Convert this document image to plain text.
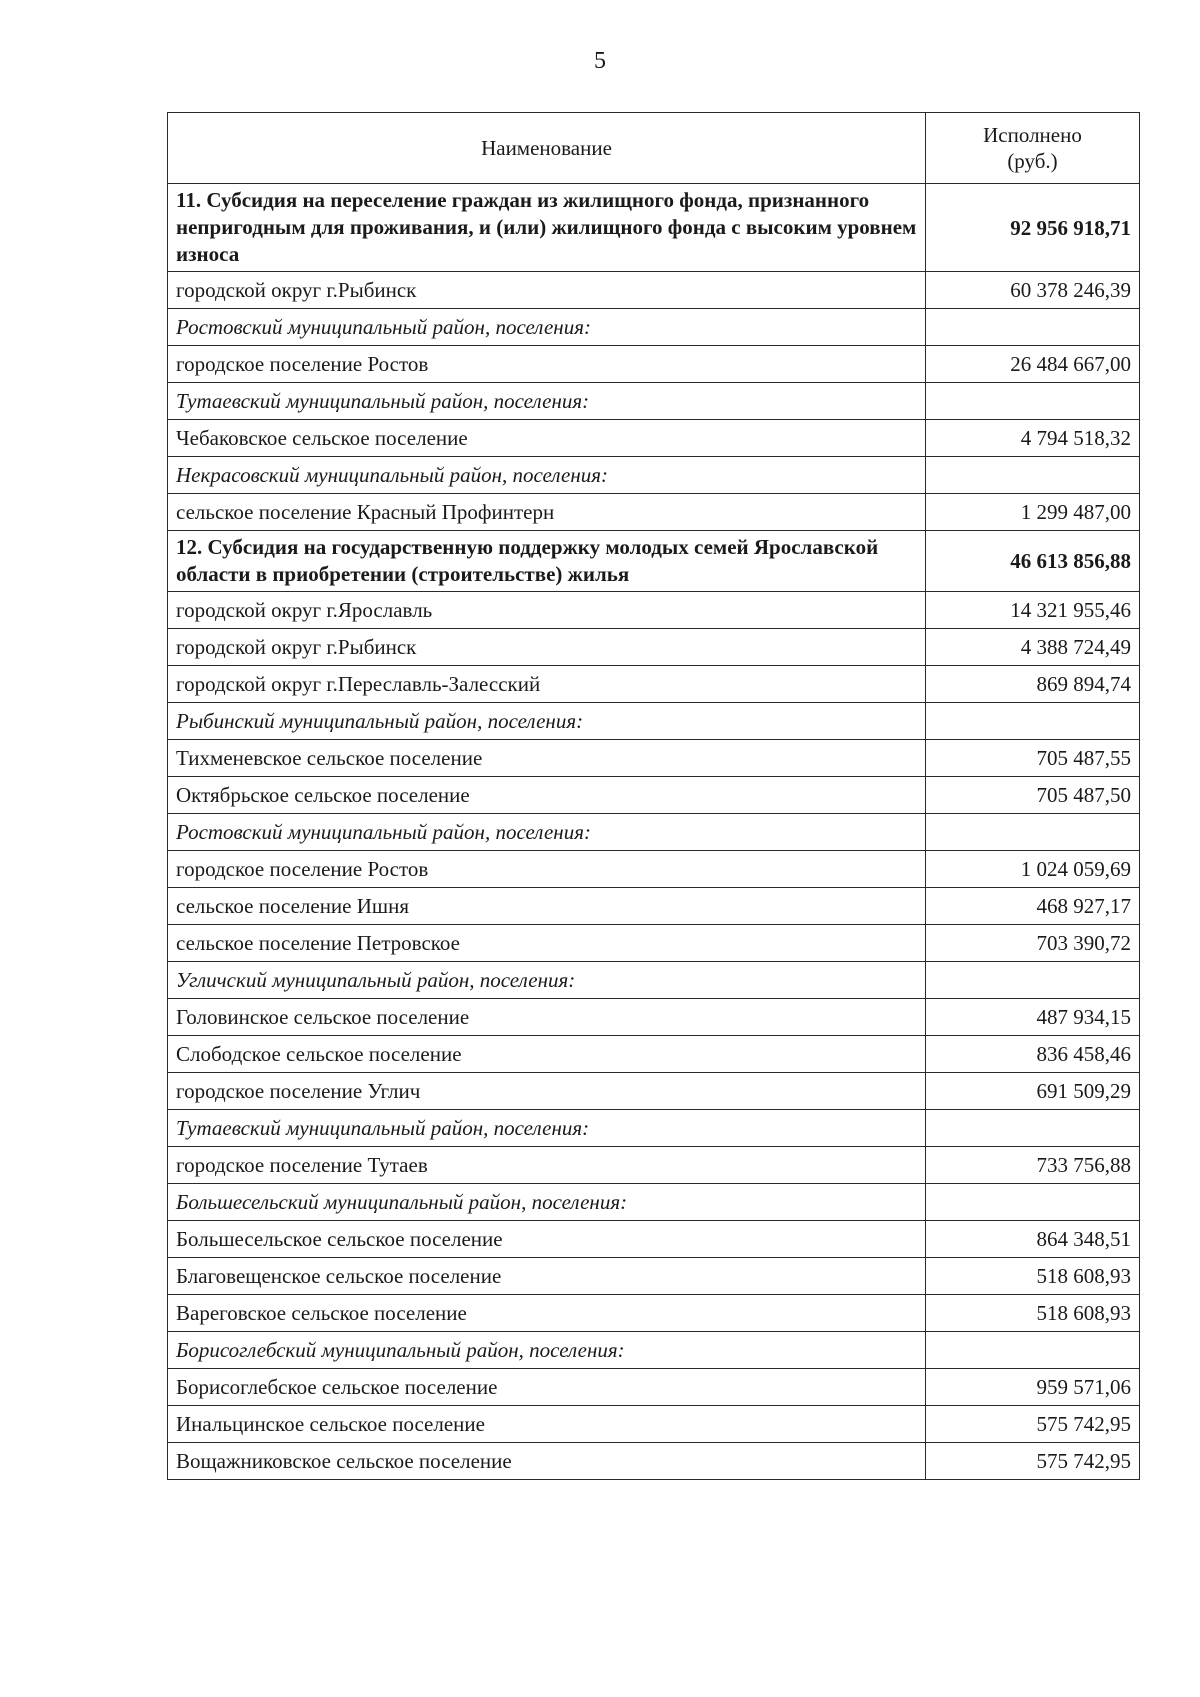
5
Наименование	Исполнено
(руб.)
11. Субсидия на переселение граждан из жилищного фонда, признанного непригодным для проживания, и (или) жилищного фонда с высоким уровнем износа	92 956 918,71
городской округ г.Рыбинск	60 378 246,39
Ростовский муниципальный район, поселения:	
городское поселение Ростов	26 484 667,00
Тутаевский муниципальный район, поселения:	
Чебаковское сельское поселение	4 794 518,32
Некрасовский муниципальный район, поселения:	
сельское поселение Красный Профинтерн	1 299 487,00
12. Субсидия на государственную поддержку молодых семей Ярославской области в приобретении (строительстве) жилья	46 613 856,88
городской округ г.Ярославль	14 321 955,46
городской округ г.Рыбинск	4 388 724,49
городской округ г.Переславль-Залесский	869 894,74
Рыбинский муниципальный район, поселения:	
Тихменевское сельское поселение	705 487,55
Октябрьское сельское поселение	705 487,50
Ростовский муниципальный район, поселения:	
городское поселение Ростов	1 024 059,69
сельское поселение Ишня	468 927,17
сельское поселение Петровское	703 390,72
Угличский муниципальный район, поселения:	
Головинское сельское поселение	487 934,15
Слободское сельское поселение	836 458,46
городское поселение Углич	691 509,29
Тутаевский муниципальный район, поселения:	
городское поселение Тутаев	733 756,88
Большесельский муниципальный район, поселения:	
Большесельское сельское поселение	864 348,51
Благовещенское сельское поселение	518 608,93
Вареговское сельское поселение	518 608,93
Борисоглебский муниципальный район, поселения:	
Борисоглебское сельское поселение	959 571,06
Инальцинское сельское поселение	575 742,95
Вощажниковское сельское поселение	575 742,95
